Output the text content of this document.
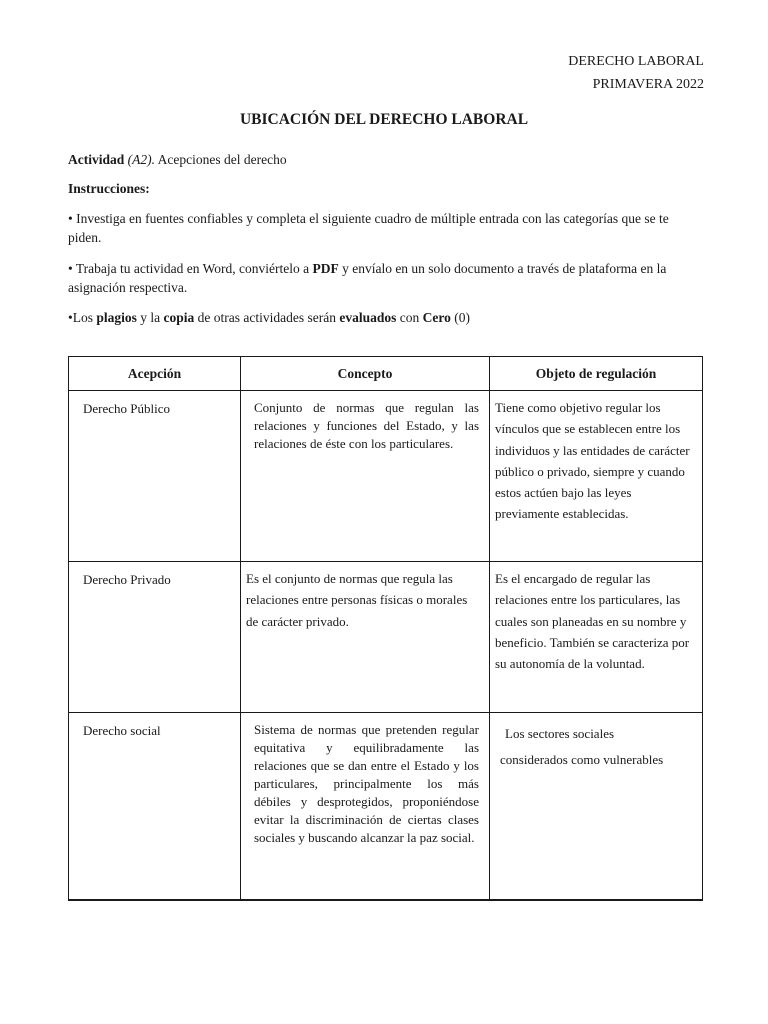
DERECHO LABORAL
PRIMAVERA 2022
UBICACIÓN DEL DERECHO LABORAL
Actividad (A2). Acepciones del derecho
Instrucciones:
• Investiga en fuentes confiables y completa el siguiente cuadro de múltiple entrada con las categorías que se te piden.
• Trabaja tu actividad en Word, conviértelo a PDF y envíalo en un solo documento a través de plataforma en la asignación respectiva.
•Los plagios y la copia de otras actividades serán evaluados con Cero (0)
Acepción	Concepto	Objeto de regulación
Derecho Público	Conjunto de normas que regulan las relaciones y funciones del Estado, y las relaciones de éste con los particulares.	Tiene como objetivo regular los vínculos que se establecen entre los individuos y las entidades de carácter público o privado, siempre y cuando estos actúen bajo las leyes previamente establecidas.
Derecho Privado	Es el conjunto de normas que regula las relaciones entre personas físicas o morales de carácter privado.	Es el encargado de regular las relaciones entre los particulares, las cuales son planeadas en su nombre y beneficio. También se caracteriza por su autonomía de la voluntad.
Derecho social	Sistema de normas que pretenden regular equitativa y equilibradamente las relaciones que se dan entre el Estado y los particulares, principalmente los más débiles y desprotegidos, proponiéndose evitar la discriminación de ciertas clases sociales y buscando alcanzar la paz social.	Los sectores sociales
considerados como vulnerables
